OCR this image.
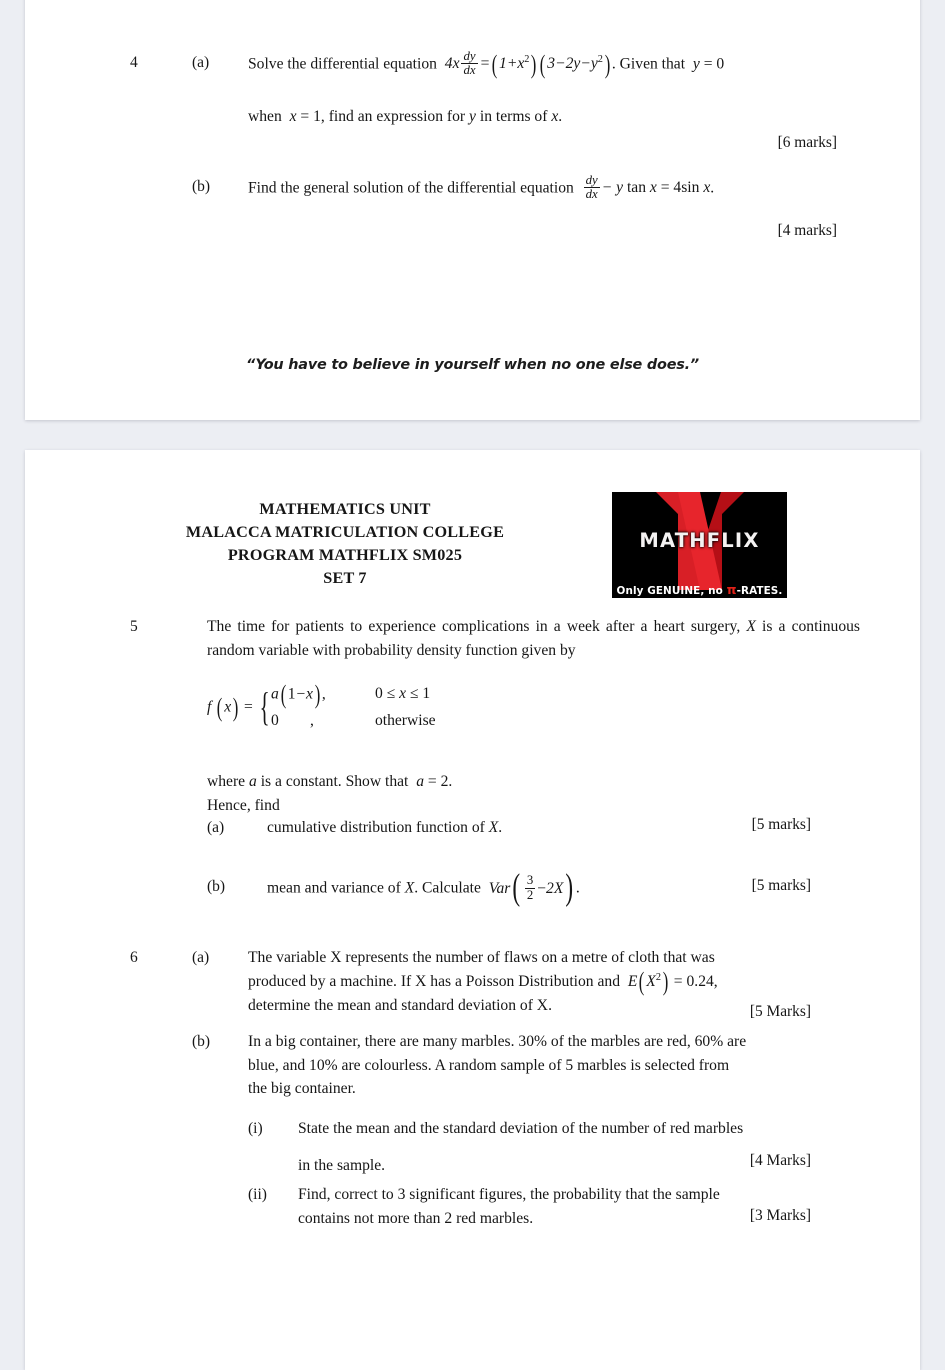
4	(a)	Solve the differential equation  $4x \frac{dy}{dx}$ =( $1+x^2$) ( $3-2y-y^2$) . Given that  y = 0
when  x = 1, find an expression for y in terms of x.
[6 marks]
(b)	Find the general solution of the differential equation $\frac{dy}{dx} - y$ tan x = 4sin x.
[4 marks]
“You have to believe in yourself when no one else does.”
MATHEMATICS UNIT
MALACCA MATRICULATION COLLEGE
PROGRAM MATHFLIX SM025
SET 7
MATHFLIX
Only GENUINE, no π-RATES.
5	The time for patients to experience complications in a week after a heart surgery, X is a continuous random variable with probability density function given by
f ( x) = { a( 1−x) ,	0 ≤ x ≤ 1
0        ,	otherwise
where a is a constant. Show that  a = 2.
Hence, find
(a)	cumulative distribution function of X.	[5 marks]
(b)	mean and variance of X. Calculate  $Var( \frac{3}{2} -2X)$ .	[5 marks]
6	(a)	The variable X represents the number of flaws on a metre of cloth that was
produced by a machine. If X has a Poisson Distribution and  E( $X^2) = 0.24$,
determine the mean and standard deviation of X.	[5 Marks]
(b)	In a big container, there are many marbles. 30% of the marbles are red, 60% are
blue, and 10% are colourless. A random sample of 5 marbles is selected from
the big container.
(i)	State the mean and the standard deviation of the number of red marbles
in the sample.	[4 Marks]
(ii)	Find, correct to 3 significant figures, the probability that the sample
contains not more than 2 red marbles.	[3 Marks]
